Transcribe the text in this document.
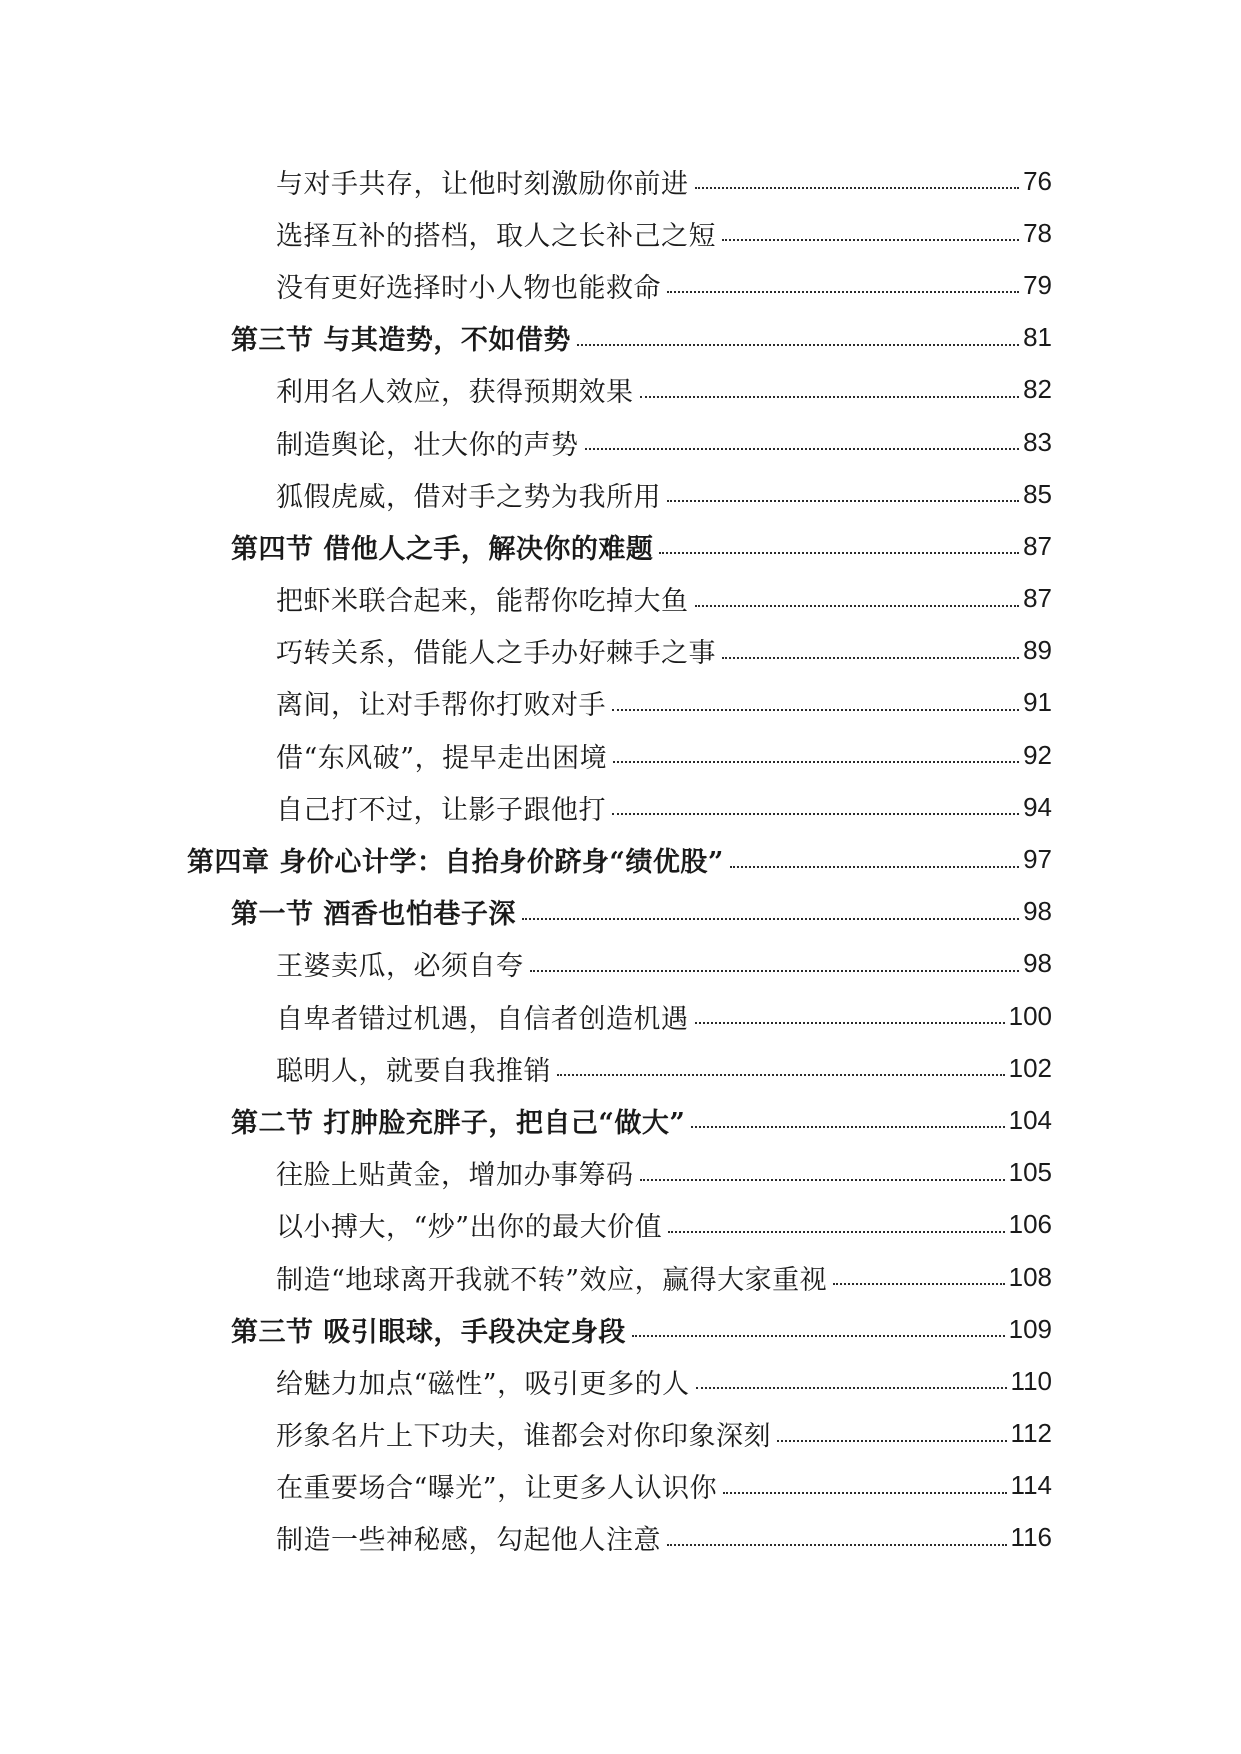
与对手共存，让他时刻激励你前进	76
选择互补的搭档，取人之长补己之短	78
没有更好选择时小人物也能救命	79
第三节 与其造势，不如借势	81
利用名人效应，获得预期效果	82
制造舆论，壮大你的声势	83
狐假虎威，借对手之势为我所用	85
第四节 借他人之手，解决你的难题	87
把虾米联合起来，能帮你吃掉大鱼	87
巧转关系，借能人之手办好棘手之事	89
离间，让对手帮你打败对手	91
借“东风破”，提早走出困境	92
自己打不过，让影子跟他打	94
第四章 身价心计学：自抬身价跻身“绩优股”	97
第一节 酒香也怕巷子深	98
王婆卖瓜，必须自夸	98
自卑者错过机遇，自信者创造机遇	100
聪明人，就要自我推销	102
第二节 打肿脸充胖子，把自己“做大”	104
往脸上贴黄金，增加办事筹码	105
以小搏大，“炒”出你的最大价值	106
制造“地球离开我就不转”效应，赢得大家重视	108
第三节 吸引眼球，手段决定身段	109
给魅力加点“磁性”，吸引更多的人	110
形象名片上下功夫，谁都会对你印象深刻	112
在重要场合“曝光”，让更多人认识你	114
制造一些神秘感，勾起他人注意	116
